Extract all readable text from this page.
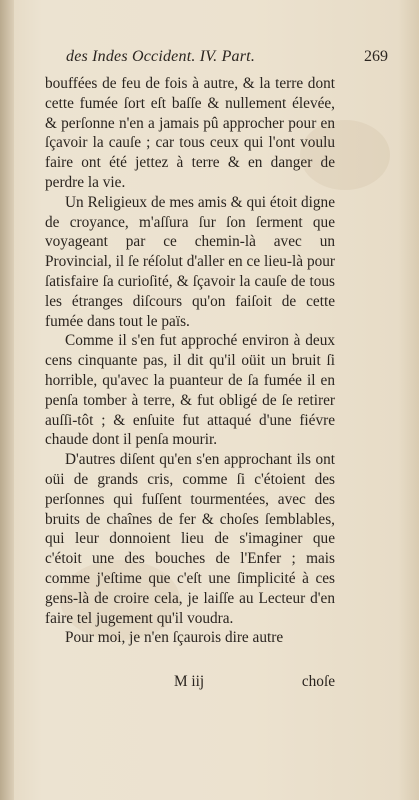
des Indes Occident. IV. Part.	269

bouffées de feu de fois à autre, & la terre dont cette fumée ſort eſt baſſe & nullement élevée, & perſonne n'en a jamais pû approcher pour en ſçavoir la cauſe ; car tous ceux qui l'ont voulu faire ont été jettez à terre & en danger de perdre la vie.

Un Religieux de mes amis & qui étoit digne de croyance, m'aſſura ſur ſon ſerment que voyageant par ce chemin-là avec un Provincial, il ſe réſolut d'aller en ce lieu-là pour ſatisfaire ſa curioſité, & ſçavoir la cauſe de tous les étranges diſcours qu'on faiſoit de cette fumée dans tout le païs.

Comme il s'en fut approché environ à deux cens cinquante pas, il dit qu'il oüit un bruit ſi horrible, qu'avec la puanteur de ſa fumée il en penſa tomber à terre, & fut obligé de ſe retirer auſſi-tôt ; & enſuite fut attaqué d'une fiévre chaude dont il penſa mourir.

D'autres diſent qu'en s'en approchant ils ont oüi de grands cris, comme ſi c'étoient des perſonnes qui fuſſent tourmentées, avec des bruits de chaînes de fer & choſes ſemblables, qui leur donnoient lieu de s'imaginer que c'étoit une des bouches de l'Enfer ; mais comme j'eſtime que c'eſt une ſimplicité à ces gens-là de croire cela, je laiſſe au Lecteur d'en faire tel jugement qu'il voudra.

Pour moi, je n'en ſçaurois dire autre

M iij	choſe
